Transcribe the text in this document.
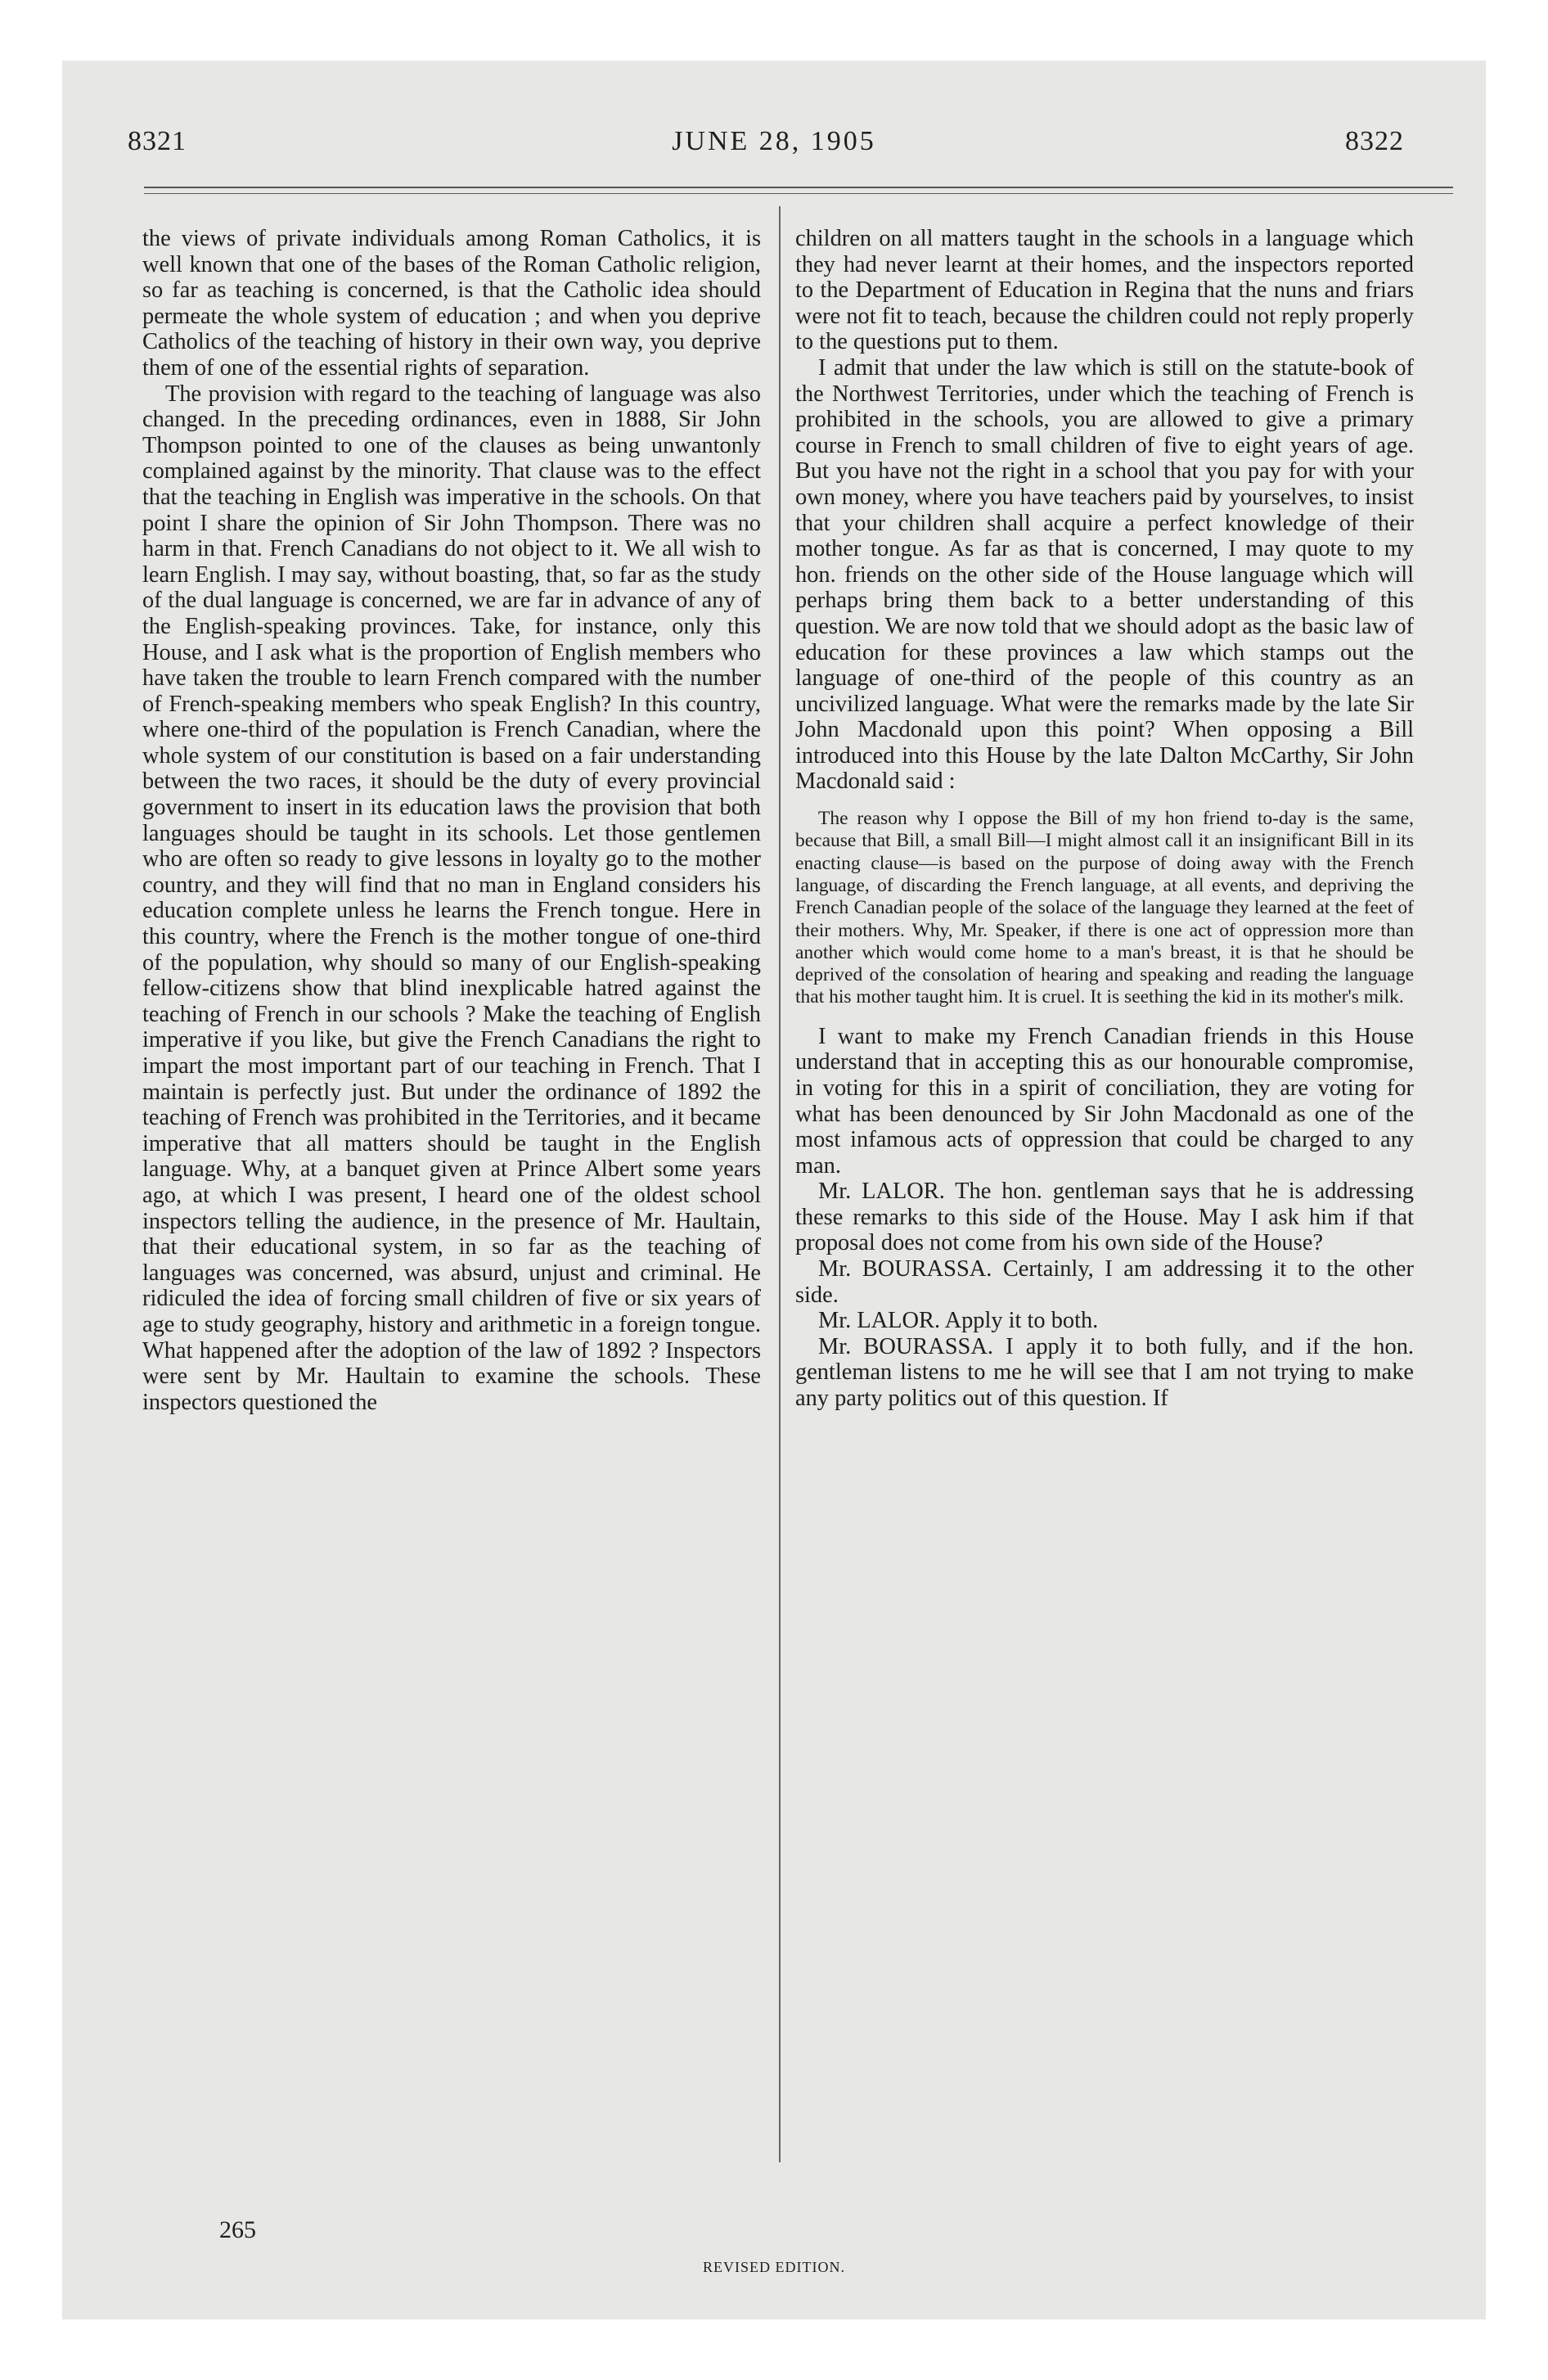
8321	JUNE 28, 1905	8322

the views of private individuals among Roman Catholics, it is well known that one of the bases of the Roman Catholic religion, so far as teaching is concerned, is that the Catholic idea should permeate the whole system of education ; and when you deprive Catholics of the teaching of history in their own way, you deprive them of one of the essential rights of separation.

The provision with regard to the teaching of language was also changed. In the preceding ordinances, even in 1888, Sir John Thompson pointed to one of the clauses as being unwantonly complained against by the minority. That clause was to the effect that the teaching in English was imperative in the schools. On that point I share the opinion of Sir John Thompson. There was no harm in that. French Canadians do not object to it. We all wish to learn English. I may say, without boasting, that, so far as the study of the dual language is concerned, we are far in advance of any of the English-speaking provinces. Take, for instance, only this House, and I ask what is the proportion of English members who have taken the trouble to learn French compared with the number of French-speaking members who speak English? In this country, where one-third of the population is French Canadian, where the whole system of our constitution is based on a fair understanding between the two races, it should be the duty of every provincial government to insert in its education laws the provision that both languages should be taught in its schools. Let those gentlemen who are often so ready to give lessons in loyalty go to the mother country, and they will find that no man in England considers his education complete unless he learns the French tongue. Here in this country, where the French is the mother tongue of one-third of the population, why should so many of our English-speaking fellow-citizens show that blind inexplicable hatred against the teaching of French in our schools ? Make the teaching of English imperative if you like, but give the French Canadians the right to impart the most important part of our teaching in French. That I maintain is perfectly just. But under the ordinance of 1892 the teaching of French was prohibited in the Territories, and it became imperative that all matters should be taught in the English language. Why, at a banquet given at Prince Albert some years ago, at which I was present, I heard one of the oldest school inspectors telling the audience, in the presence of Mr. Haultain, that their educational system, in so far as the teaching of languages was concerned, was absurd, unjust and criminal. He ridiculed the idea of forcing small children of five or six years of age to study geography, history and arithmetic in a foreign tongue. What happened after the adoption of the law of 1892 ? Inspectors were sent by Mr. Haultain to examine the schools. These inspectors questioned the

children on all matters taught in the schools in a language which they had never learnt at their homes, and the inspectors reported to the Department of Education in Regina that the nuns and friars were not fit to teach, because the children could not reply properly to the questions put to them.

I admit that under the law which is still on the statute-book of the Northwest Territories, under which the teaching of French is prohibited in the schools, you are allowed to give a primary course in French to small children of five to eight years of age. But you have not the right in a school that you pay for with your own money, where you have teachers paid by yourselves, to insist that your children shall acquire a perfect knowledge of their mother tongue. As far as that is concerned, I may quote to my hon. friends on the other side of the House language which will perhaps bring them back to a better understanding of this question. We are now told that we should adopt as the basic law of education for these provinces a law which stamps out the language of one-third of the people of this country as an uncivilized language. What were the remarks made by the late Sir John Macdonald upon this point? When opposing a Bill introduced into this House by the late Dalton McCarthy, Sir John Macdonald said :

The reason why I oppose the Bill of my hon friend to-day is the same, because that Bill, a small Bill—I might almost call it an insignificant Bill in its enacting clause—is based on the purpose of doing away with the French language, of discarding the French language, at all events, and depriving the French Canadian people of the solace of the language they learned at the feet of their mothers. Why, Mr. Speaker, if there is one act of oppression more than another which would come home to a man's breast, it is that he should be deprived of the consolation of hearing and speaking and reading the language that his mother taught him. It is cruel. It is seething the kid in its mother's milk.

I want to make my French Canadian friends in this House understand that in accepting this as our honourable compromise, in voting for this in a spirit of conciliation, they are voting for what has been denounced by Sir John Macdonald as one of the most infamous acts of oppression that could be charged to any man.

Mr. LALOR. The hon. gentleman says that he is addressing these remarks to this side of the House. May I ask him if that proposal does not come from his own side of the House?

Mr. BOURASSA. Certainly, I am addressing it to the other side.

Mr. LALOR. Apply it to both.

Mr. BOURASSA. I apply it to both fully, and if the hon. gentleman listens to me he will see that I am not trying to make any party politics out of this question. If

265
REVISED EDITION.
